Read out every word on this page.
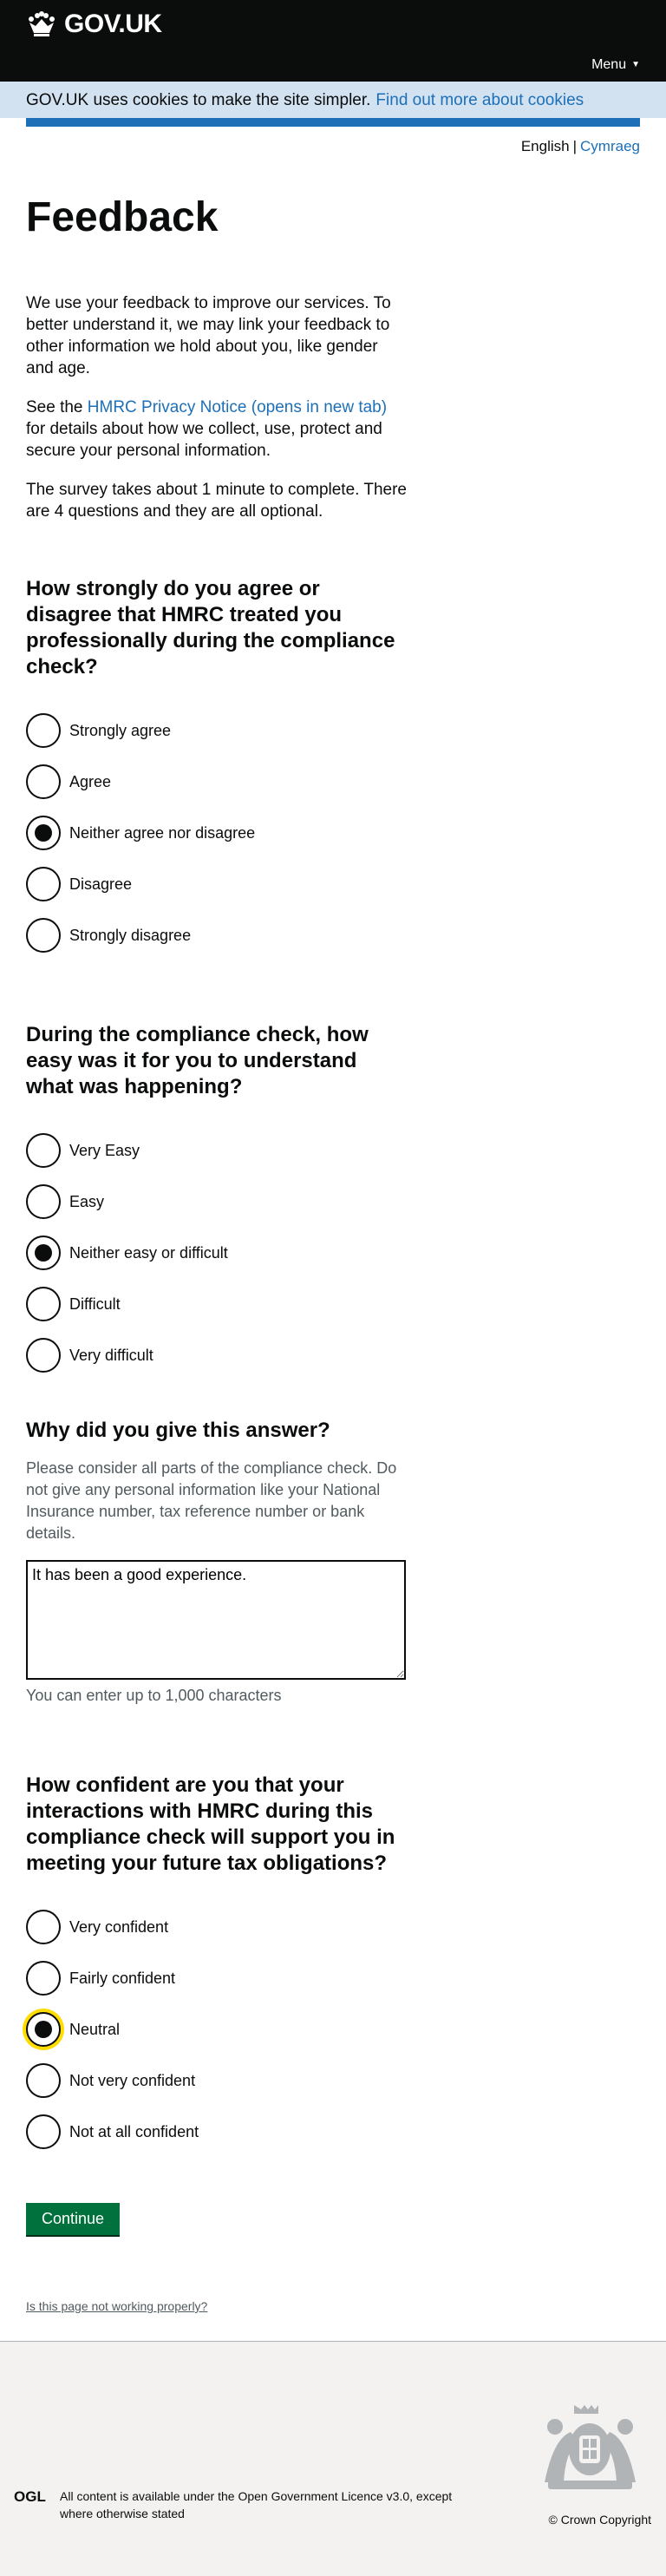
GOV.UK
Menu ▼
GOV.UK uses cookies to make the site simpler. Find out more about cookies
English | Cymraeg
Feedback

We use your feedback to improve our services. To better understand it, we may link your feedback to other information we hold about you, like gender and age.

See the HMRC Privacy Notice (opens in new tab) for details about how we collect, use, protect and secure your personal information.

The survey takes about 1 minute to complete. There are 4 questions and they are all optional.

How strongly do you agree or disagree that HMRC treated you professionally during the compliance check?
Strongly agree
Agree
Neither agree nor disagree
Disagree
Strongly disagree
During the compliance check, how easy was it for you to understand what was happening?
Very Easy
Easy
Neither easy or difficult
Difficult
Very difficult
Why did you give this answer?

Please consider all parts of the compliance check. Do not give any personal information like your National Insurance number, tax reference number or bank details.

It has been a good experience.
You can enter up to 1,000 characters
How confident are you that your interactions with HMRC during this compliance check will support you in meeting your future tax obligations?
Very confident
Fairly confident
Neutral
Not very confident
Not at all confident
Continue
Is this page not working properly?
OGL All content is available under the Open Government Licence v3.0, except where otherwise stated	© Crown Copyright
